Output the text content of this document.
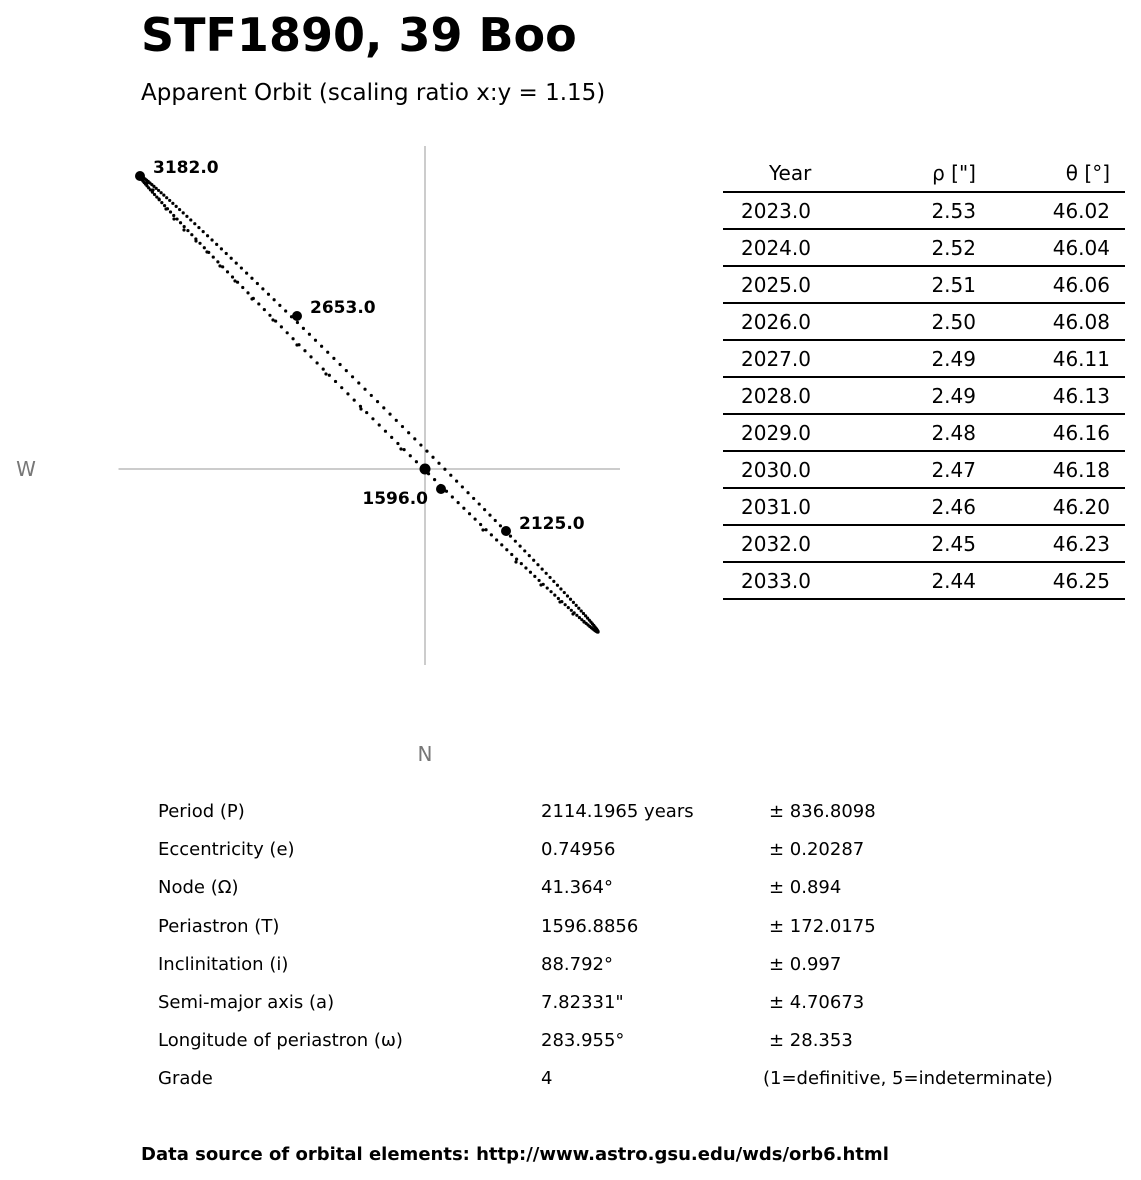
STF1890, 39 Boo
Apparent Orbit (scaling ratio x:y = 1.15)
W
N
3182.0
2653.0
1596.0
2125.0
Year	ρ ["]	θ [°]
2023.0	2.53	46.02
2024.0	2.52	46.04
2025.0	2.51	46.06
2026.0	2.50	46.08
2027.0	2.49	46.11
2028.0	2.49	46.13
2029.0	2.48	46.16
2030.0	2.47	46.18
2031.0	2.46	46.20
2032.0	2.45	46.23
2033.0	2.44	46.25
Period (P)	2114.1965 years	± 836.8098
Eccentricity (e)	0.74956	± 0.20287
Node (Ω)	41.364°	± 0.894
Periastron (T)	1596.8856	± 172.0175
Inclinitation (i)	88.792°	± 0.997
Semi-major axis (a)	7.82331"	± 4.70673
Longitude of periastron (ω)	283.955°	± 28.353
Grade	4	(1=definitive, 5=indeterminate)
Data source of orbital elements: http://www.astro.gsu.edu/wds/orb6.html
